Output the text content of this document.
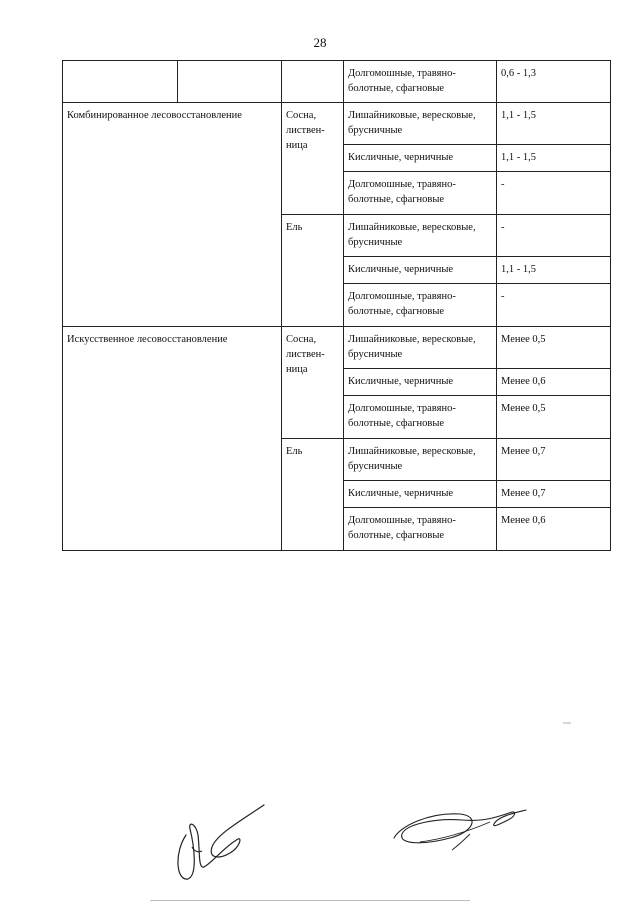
28
			Долгомошные, травяно-болотные, сфагновые	0,6 - 1,3
Комбинированное лесовосстановление		Сосна, листвен-ница	Лишайниковые, вересковые, брусничные	1,1 - 1,5
			Кисличные, черничные	1,1 - 1,5
			Долгомошные, травяно-болотные, сфагновые	-
		Ель	Лишайниковые, вересковые, брусничные	-
			Кисличные, черничные	1,1 - 1,5
			Долгомошные, травяно-болотные, сфагновые	-
Искусственное лесовосстановление		Сосна, листвен-ница	Лишайниковые, вересковые, брусничные	Менее 0,5
			Кисличные, черничные	Менее 0,6
			Долгомошные, травяно-болотные, сфагновые	Менее 0,5
		Ель	Лишайниковые, вересковые, брусничные	Менее 0,7
			Кисличные, черничные	Менее 0,7
			Долгомошные, травяно-болотные, сфагновые	Менее 0,6
